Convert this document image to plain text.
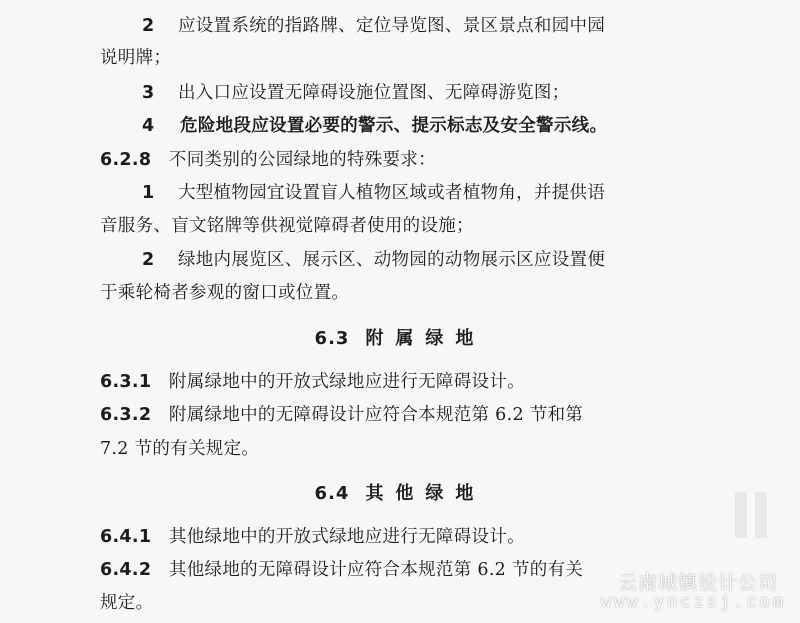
2 应设置系统的指路牌、定位导览图、景区景点和园中园
说明牌；
3 出入口应设置无障碍设施位置图、无障碍游览图；
4 危险地段应设置必要的警示、提示标志及安全警示线。
6.2.8 不同类别的公园绿地的特殊要求：
1 大型植物园宜设置盲人植物区域或者植物角，并提供语
音服务、盲文铭牌等供视觉障碍者使用的设施；
2 绿地内展览区、展示区、动物园的动物展示区应设置便
于乘轮椅者参观的窗口或位置。
6.3 附属绿地
6.3.1 附属绿地中的开放式绿地应进行无障碍设计。
6.3.2 附属绿地中的无障碍设计应符合本规范第 6.2 节和第
7.2 节的有关规定。
6.4 其他绿地
6.4.1 其他绿地中的开放式绿地应进行无障碍设计。
6.4.2 其他绿地的无障碍设计应符合本规范第 6.2 节的有关
规定。
云南城镇设计公司
www.ynczsj.com
